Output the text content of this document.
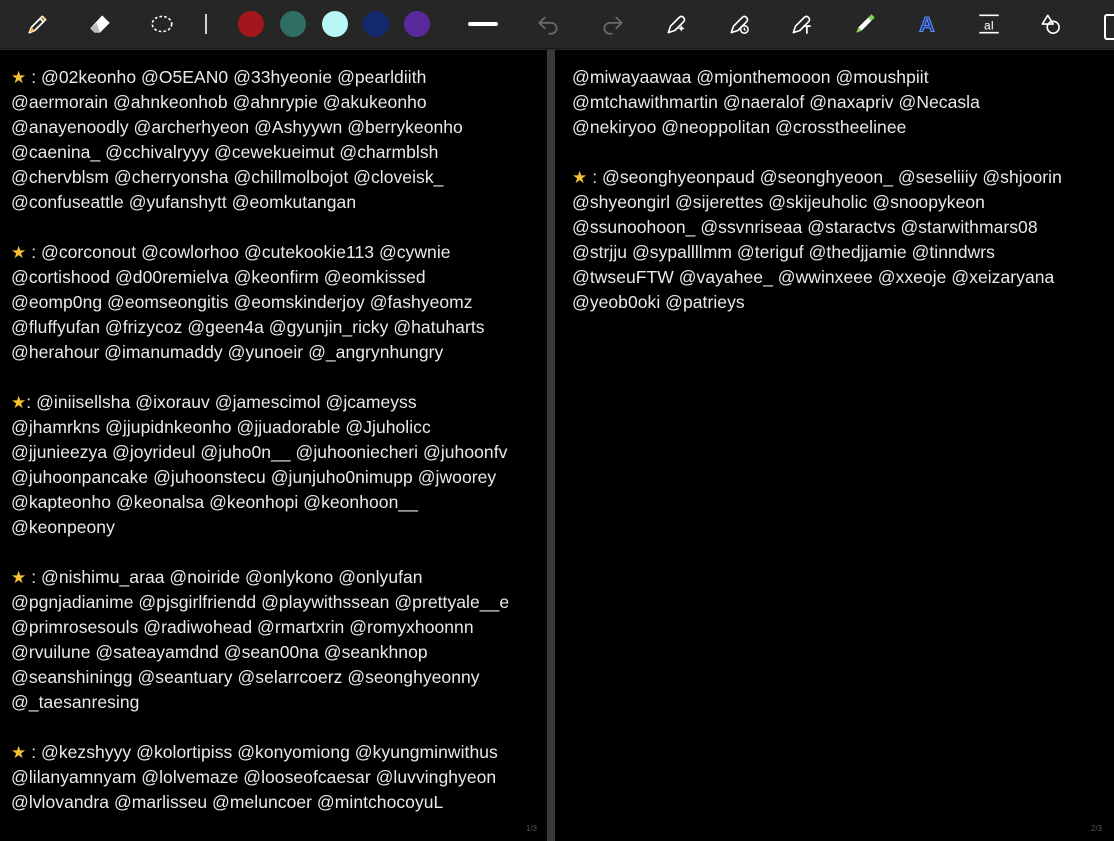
A	aI
★ : @02keonho @O5EAN0 @33hyeonie @pearldiith
@aermorain @ahnkeonhob @ahnrypie @akukeonho
@anayenoodly @archerhyeon @Ashyywn @berrykeonho
@caenina_ @cchivalryyy @cewekueimut @charmblsh
@chervblsm @cherryonsha @chillmolbojot @cloveisk_
@confuseattle @yufanshytt @eomkutangan
★ : @corconout @cowlorhoo @cutekookie113 @cywnie
@cortishood @d00remielva @keonfirm @eomkissed
@eomp0ng @eomseongitis @eomskinderjoy @fashyeomz
@fluffyufan @frizycoz @geen4a @gyunjin_ricky @hatuharts
@herahour @imanumaddy @yunoeir @_angrynhungry
★: @iniisellsha @ixorauv @jamescimol @jcameyss
@jhamrkns @jjupidnkeonho @jjuadorable @Jjuholicc
@jjunieezya @joyrideul @juho0n__ @juhooniecheri @juhoonfv
@juhoonpancake @juhoonstecu @junjuho0nimupp @jwoorey
@kapteonho @keonalsa @keonhopi @keonhoon__
@keonpeony
★ : @nishimu_araa @noiride @onlykono @onlyufan
@pgnjadianime @pjsgirlfriendd @playwithssean @prettyale__e
@primrosesouls @radiwohead @rmartxrin @romyxhoonnn
@rvuilune @sateayamdnd @sean00na @seankhnop
@seanshiningg @seantuary @selarrcoerz @seonghyeonny
@_taesanresing
★ : @kezshyyy @kolortipiss @konyomiong @kyungminwithus
@lilanyamnyam @lolvemaze @looseofcaesar @luvvinghyeon
@lvlovandra @marlisseu @meluncoer @mintchocoyuL
1/3
@miwayaawaa @mjonthemooon @moushpiit
@mtchawithmartin @naeralof @naxapriv @Necasla
@nekiryoo @neoppolitan @crosstheelinee
★ : @seonghyeonpaud @seonghyeoon_ @seseliiiy @shjoorin
@shyeongirl @sijerettes @skijeuholic @snoopykeon
@ssunoohoon_ @ssvnriseaa @staractvs @starwithmars08
@strjju @sypallllmm @teriguf @thedjjamie @tinndwrs
@twseuFTW @vayahee_ @wwinxeee @xxeoje @xeizaryana
@yeob0oki @patrieys
2/3
